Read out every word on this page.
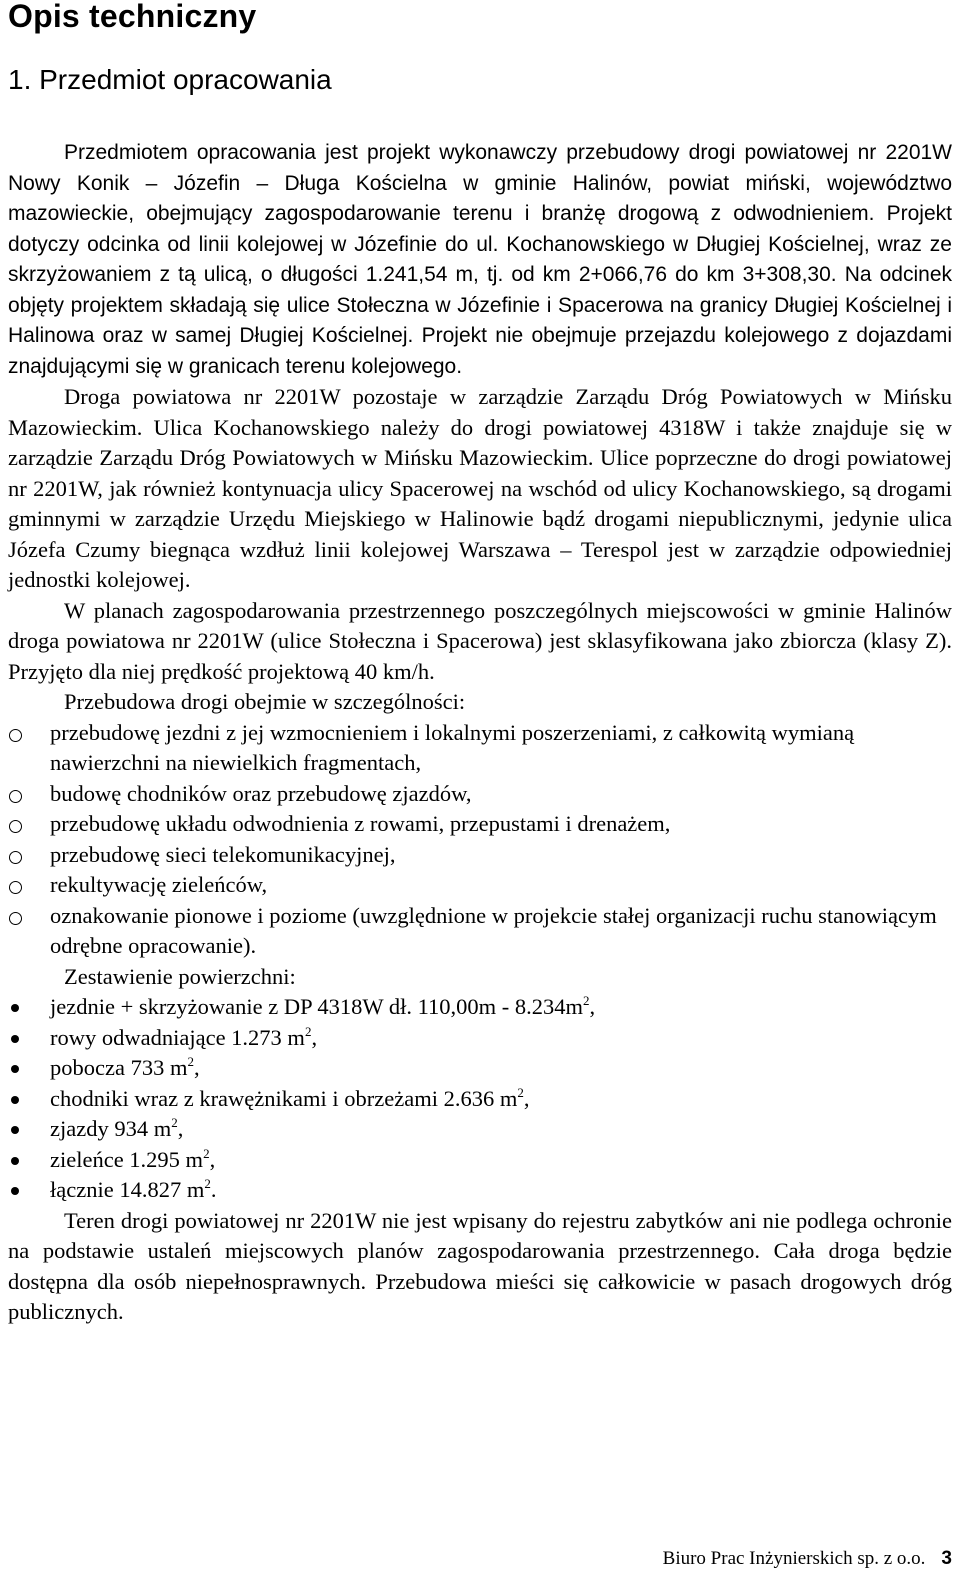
Opis techniczny
1. Przedmiot opracowania

Przedmiotem opracowania jest projekt wykonawczy przebudowy drogi powiatowej nr 2201W Nowy Konik – Józefin – Długa Kościelna w gminie Halinów, powiat miński, województwo mazowieckie, obejmujący zagospodarowanie terenu i branżę drogową z odwodnieniem. Projekt dotyczy odcinka od linii kolejowej w Józefinie do ul. Kochanowskiego w Długiej Kościelnej, wraz ze skrzyżowaniem z tą ulicą, o długości 1.241,54 m, tj. od km 2+066,76 do km 3+308,30. Na odcinek objęty projektem składają się ulice Stołeczna w Józefinie i Spacerowa na granicy Długiej Kościelnej i Halinowa oraz w samej Długiej Kościelnej. Projekt nie obejmuje przejazdu kolejowego z dojazdami znajdującymi się w granicach terenu kolejowego.

Droga powiatowa nr 2201W pozostaje w zarządzie Zarządu Dróg Powiatowych w Mińsku Mazowieckim. Ulica Kochanowskiego należy do drogi powiatowej 4318W i także znajduje się w zarządzie Zarządu Dróg Powiatowych w Mińsku Mazowieckim. Ulice poprzeczne do drogi powiatowej nr 2201W, jak również kontynuacja ulicy Spacerowej na wschód od ulicy Kochanowskiego, są drogami gminnymi w zarządzie Urzędu Miejskiego w Halinowie bądź drogami niepublicznymi, jedynie ulica Józefa Czumy biegnąca wzdłuż linii kolejowej Warszawa – Terespol jest w zarządzie odpowiedniej jednostki kolejowej.

W planach zagospodarowania przestrzennego poszczególnych miejscowości w gminie Halinów droga powiatowa nr 2201W (ulice Stołeczna i Spacerowa) jest sklasyfikowana jako zbiorcza (klasy Z). Przyjęto dla niej prędkość projektową 40 km/h.

Przebudowa drogi obejmie w szczególności:

przebudowę jezdni z jej wzmocnieniem i lokalnymi poszerzeniami, z całkowitą wymianą nawierzchni na niewielkich fragmentach,
budowę chodników oraz przebudowę zjazdów,
przebudowę układu odwodnienia z rowami, przepustami i drenażem,
przebudowę sieci telekomunikacyjnej,
rekultywację zieleńców,
oznakowanie pionowe i poziome (uwzględnione w projekcie stałej organizacji ruchu stanowiącym odrębne opracowanie).

Zestawienie powierzchni:

jezdnie + skrzyżowanie z DP 4318W dł. $110,00m - 8.234m^2$,
rowy odwadniające 1.273 $m^2$,
pobocza 733 $m^2$,
chodniki wraz z krawężnikami i obrzeżami 2.636 $m^2$,
zjazdy 934 $m^2$,
zieleńce 1.295 $m^2$,
łącznie 14.827 $m^2$.

Teren drogi powiatowej nr 2201W nie jest wpisany do rejestru zabytków ani nie podlega ochronie na podstawie ustaleń miejscowych planów zagospodarowania przestrzennego. Cała droga będzie dostępna dla osób niepełnosprawnych. Przebudowa mieści się całkowicie w pasach drogowych dróg publicznych.

Biuro Prac Inżynierskich sp. z o.o. 3
